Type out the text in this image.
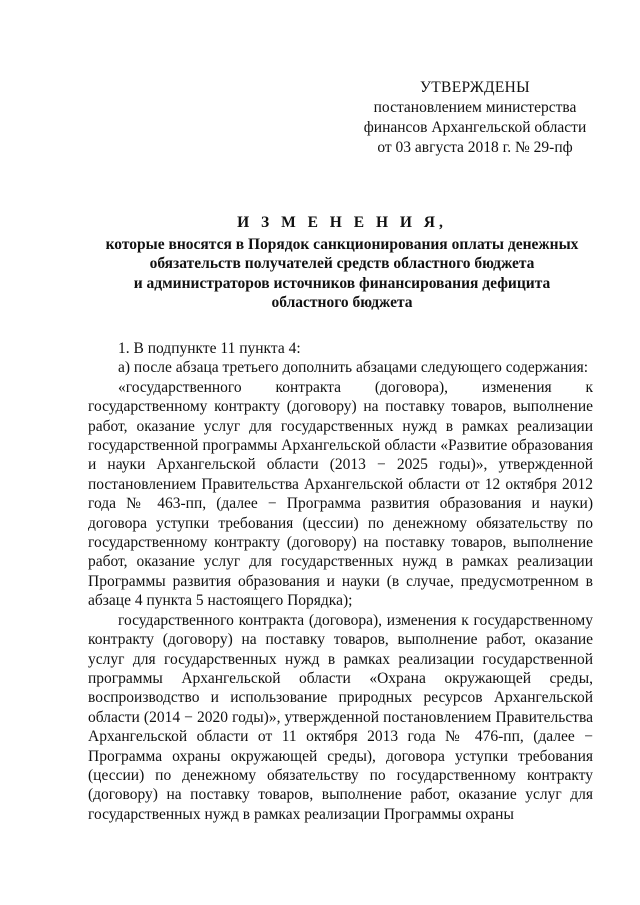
УТВЕРЖДЕНЫ
постановлением министерства
финансов Архангельской области
от 03 августа 2018 г. № 29-пф
И З М Е Н Е Н И Я,
которые вносятся в Порядок санкционирования оплаты денежных
обязательств получателей средств областного бюджета
и администраторов источников финансирования дефицита
областного бюджета

1. В подпункте 11 пункта 4:

а) после абзаца третьего дополнить абзацами следующего содержания:

«государственного контракта (договора), изменения к государственному контракту (договору) на поставку товаров, выполнение работ, оказание услуг для государственных нужд в рамках реализации государственной программы Архангельской области «Развитие образования и науки Архангельской области (2013 − 2025 годы)», утвержденной постановлением Правительства Архангельской области от 12 октября 2012 года № 463-пп, (далее − Программа развития образования и науки) договора уступки требования (цессии) по денежному обязательству по государственному контракту (договору) на поставку товаров, выполнение работ, оказание услуг для государственных нужд в рамках реализации Программы развития образования и науки (в случае, предусмотренном в абзаце 4 пункта 5 настоящего Порядка);

государственного контракта (договора), изменения к государственному контракту (договору) на поставку товаров, выполнение работ, оказание услуг для государственных нужд в рамках реализации государственной программы Архангельской области «Охрана окружающей среды, воспроизводство и использование природных ресурсов Архангельской области (2014 − 2020 годы)», утвержденной постановлением Правительства Архангельской области от 11 октября 2013 года № 476-пп, (далее − Программа охраны окружающей среды), договора уступки требования (цессии) по денежному обязательству по государственному контракту (договору) на поставку товаров, выполнение работ, оказание услуг для государственных нужд в рамках реализации Программы охраны
